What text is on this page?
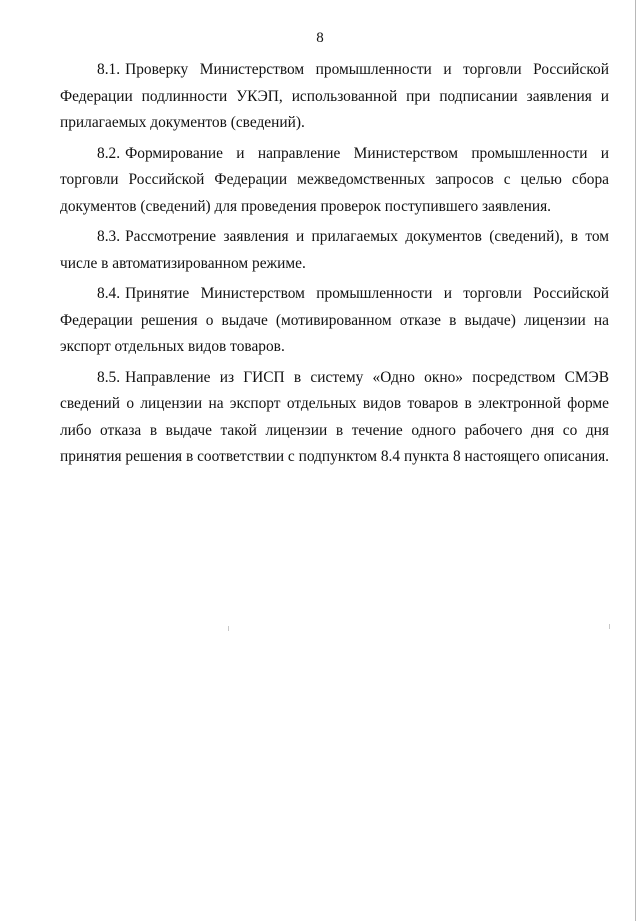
8

8.1. Проверку Министерством промышленности и торговли Российской Федерации подлинности УКЭП, использованной при подписании заявления и прилагаемых документов (сведений).

8.2. Формирование и направление Министерством промышленности и торговли Российской Федерации межведомственных запросов с целью сбора документов (сведений) для проведения проверок поступившего заявления.

8.3. Рассмотрение заявления и прилагаемых документов (сведений), в том числе в автоматизированном режиме.

8.4. Принятие Министерством промышленности и торговли Российской Федерации решения о выдаче (мотивированном отказе в выдаче) лицензии на экспорт отдельных видов товаров.

8.5. Направление из ГИСП в систему «Одно окно» посредством СМЭВ сведений о лицензии на экспорт отдельных видов товаров в электронной форме либо отказа в выдаче такой лицензии в течение одного рабочего дня со дня принятия решения в соответствии с подпунктом 8.4 пункта 8 настоящего описания.
